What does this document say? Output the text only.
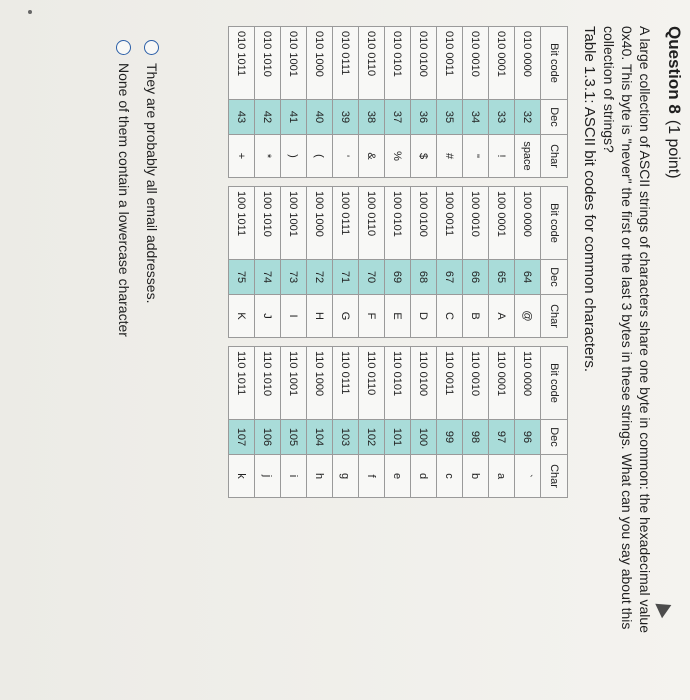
Question 8
(1 point)
A large collection of ASCII strings of characters share one byte in common: the hexadecimal value 0x40. This byte is "never" the first or the last 3 bytes in these strings. What can you say about this collection of strings?
Table 1.3.1: ASCII bit codes for common characters.
Bit code	Dec	Char
010 0000	32	space
010 0001	33	!
010 0010	34	"
010 0011	35	#
010 0100	36	$
010 0101	37	%
010 0110	38	&
010 0111	39	'
010 1000	40	(
010 1001	41	)
010 1010	42	*
010 1011	43	+
Bit code	Dec	Char
100 0000	64	@
100 0001	65	A
100 0010	66	B
100 0011	67	C
100 0100	68	D
100 0101	69	E
100 0110	70	F
100 0111	71	G
100 1000	72	H
100 1001	73	I
100 1010	74	J
100 1011	75	K
Bit code	Dec	Char
110 0000	96	`
110 0001	97	a
110 0010	98	b
110 0011	99	c
110 0100	100	d
110 0101	101	e
110 0110	102	f
110 0111	103	g
110 1000	104	h
110 1001	105	i
110 1010	106	j
110 1011	107	k
They are probably all email addresses.
None of them contain a lowercase character
